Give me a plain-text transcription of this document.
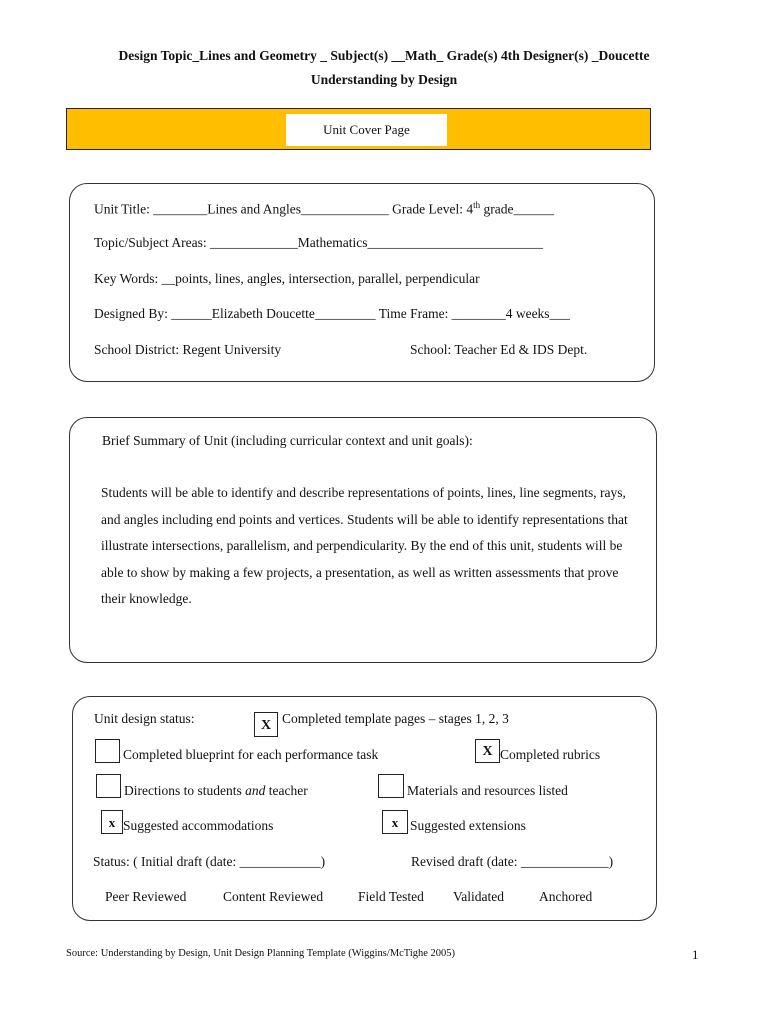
Design Topic_Lines and Geometry _ Subject(s) __Math_ Grade(s) 4th Designer(s) _Doucette
Understanding by Design
Unit Cover Page
Unit Title: ________Lines and Angles_____________ Grade Level: 4th grade______
Topic/Subject Areas: _____________Mathematics__________________________
Key Words: __points, lines, angles, intersection, parallel, perpendicular
Designed By: ______Elizabeth Doucette_________ Time Frame: ________4 weeks___
School District: Regent University	School: Teacher Ed & IDS Dept.
Brief Summary of Unit (including curricular context and unit goals):
Students will be able to identify and describe representations of points, lines, line segments, rays, and angles including end points and vertices. Students will be able to identify representations that illustrate intersections, parallelism, and perpendicularity. By the end of this unit, students will be able to show by making a few projects, a presentation, as well as written assessments that prove their knowledge.
Unit design status:	X Completed template pages – stages 1, 2, 3
Completed blueprint for each performance task	X Completed rubrics
Directions to students and teacher	Materials and resources listed
x Suggested accommodations	x Suggested extensions
Status: ( Initial draft (date: ____________)	Revised draft (date: _____________)
Peer Reviewed	Content Reviewed	Field Tested Validated	Anchored
Source: Understanding by Design, Unit Design Planning Template (Wiggins/McTighe 2005)	1
